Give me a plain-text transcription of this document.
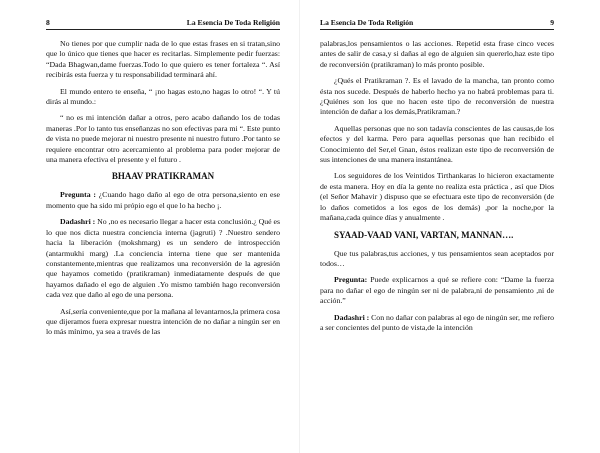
8	La Esencia De Toda Religión

No tienes por que cumplir nada de lo que estas frases en si tratan,sino que lo único que tienes que hacer es recitarlas. Simplemente pedir fuerzas: “Dada Bhagwan,dame fuerzas.Todo lo que quiero es tener fortaleza “. Así recibirás esta fuerza y tu responsabilidad terminará ahí.

El mundo entero te enseña, “ ¡no hagas esto,no hagas lo otro! “. Y tú dirás al mundo.:

“ no es mi intención dañar a otros, pero acabo dañando los de todas maneras .Por lo tanto tus enseñanzas no son efectivas para mi “. Este punto de vista no puede mejorar ni nuestro presente ni nuestro futuro .Por tanto se requiere encontrar otro acercamiento al problema para poder mejorar de una manera efectiva el presente y el futuro .

BHAAV PRATIKRAMAN

Pregunta : ¿Cuando hago daño al ego de otra persona,siento en ese momento que ha sido mi própio ego el que lo ha hecho ¡.

Dadashri : No ,no es necesario llegar a hacer esta conclusión.¿ Qué es lo que nos dicta nuestra conciencia interna (jagruti) ? .Nuestro sendero hacia la liberación (mokshmarg) es un sendero de introspección (antarmukhi marg) .La conciencia interna tiene que ser mantenida constantemente,mientras que realizamos una reconversión de la agresión que hayamos cometido (pratikraman) inmediatamente después de que hayamos dañado el ego de alguien .Yo mismo también hago reconversión cada vez que daño al ego de una persona.

Así,sería conveniente,que por la mañana al levantarnos,la primera cosa que dijeramos fuera expresar nuestra intención de no dañar a ningún ser en lo más mínimo, ya sea a través de las

La Esencia De Toda Religión	9

palabras,los pensamientos o las acciones. Repetid esta frase cinco veces antes de salir de casa,y si dañas al ego de alguien sin quererlo,haz este tipo de reconversión (pratikraman) lo más pronto posible.

¿Qués el Pratikraman ?. Es el lavado de la mancha, tan pronto como ésta nos sucede. Después de haberlo hecho ya no habrá problemas para ti. ¿Quiénes son los que no hacen este tipo de reconversión de nuestra intención de dañar a los demás,Pratikraman.?

Aquellas personas que no son tadavía conscientes de las causas,de los efectos y del karma. Pero para aquellas personas que han recibido el Conocimiento del Ser,el Gnan, éstos realizan este tipo de reconversión de sus intenciones de una manera instantánea.

Los seguidores de los Veintidos Tirthankaras lo hicieron exactamente de esta manera. Hoy en día la gente no realiza esta práctica , así que Dios (el Señor Mahavir ) dispuso que se efectuara este tipo de reconversión (de lo daños cometidos a los egos de los demás) ,por la noche,por la mañana,cada quince días y anualmente .

SYAAD-VAAD VANI, VARTAN, MANNAN….

Que tus palabras,tus acciones, y tus pensamientos sean aceptados por todos…

Pregunta: Puede explicarnos a qué se refiere con: “Dame la fuerza para no dañar el ego de ningún ser ni de palabra,ni de pensamiento ,ni de acción.”

Dadashri : Con no dañar con palabras al ego de ningún ser, me refiero a ser concientes del punto de vista,de la intención
